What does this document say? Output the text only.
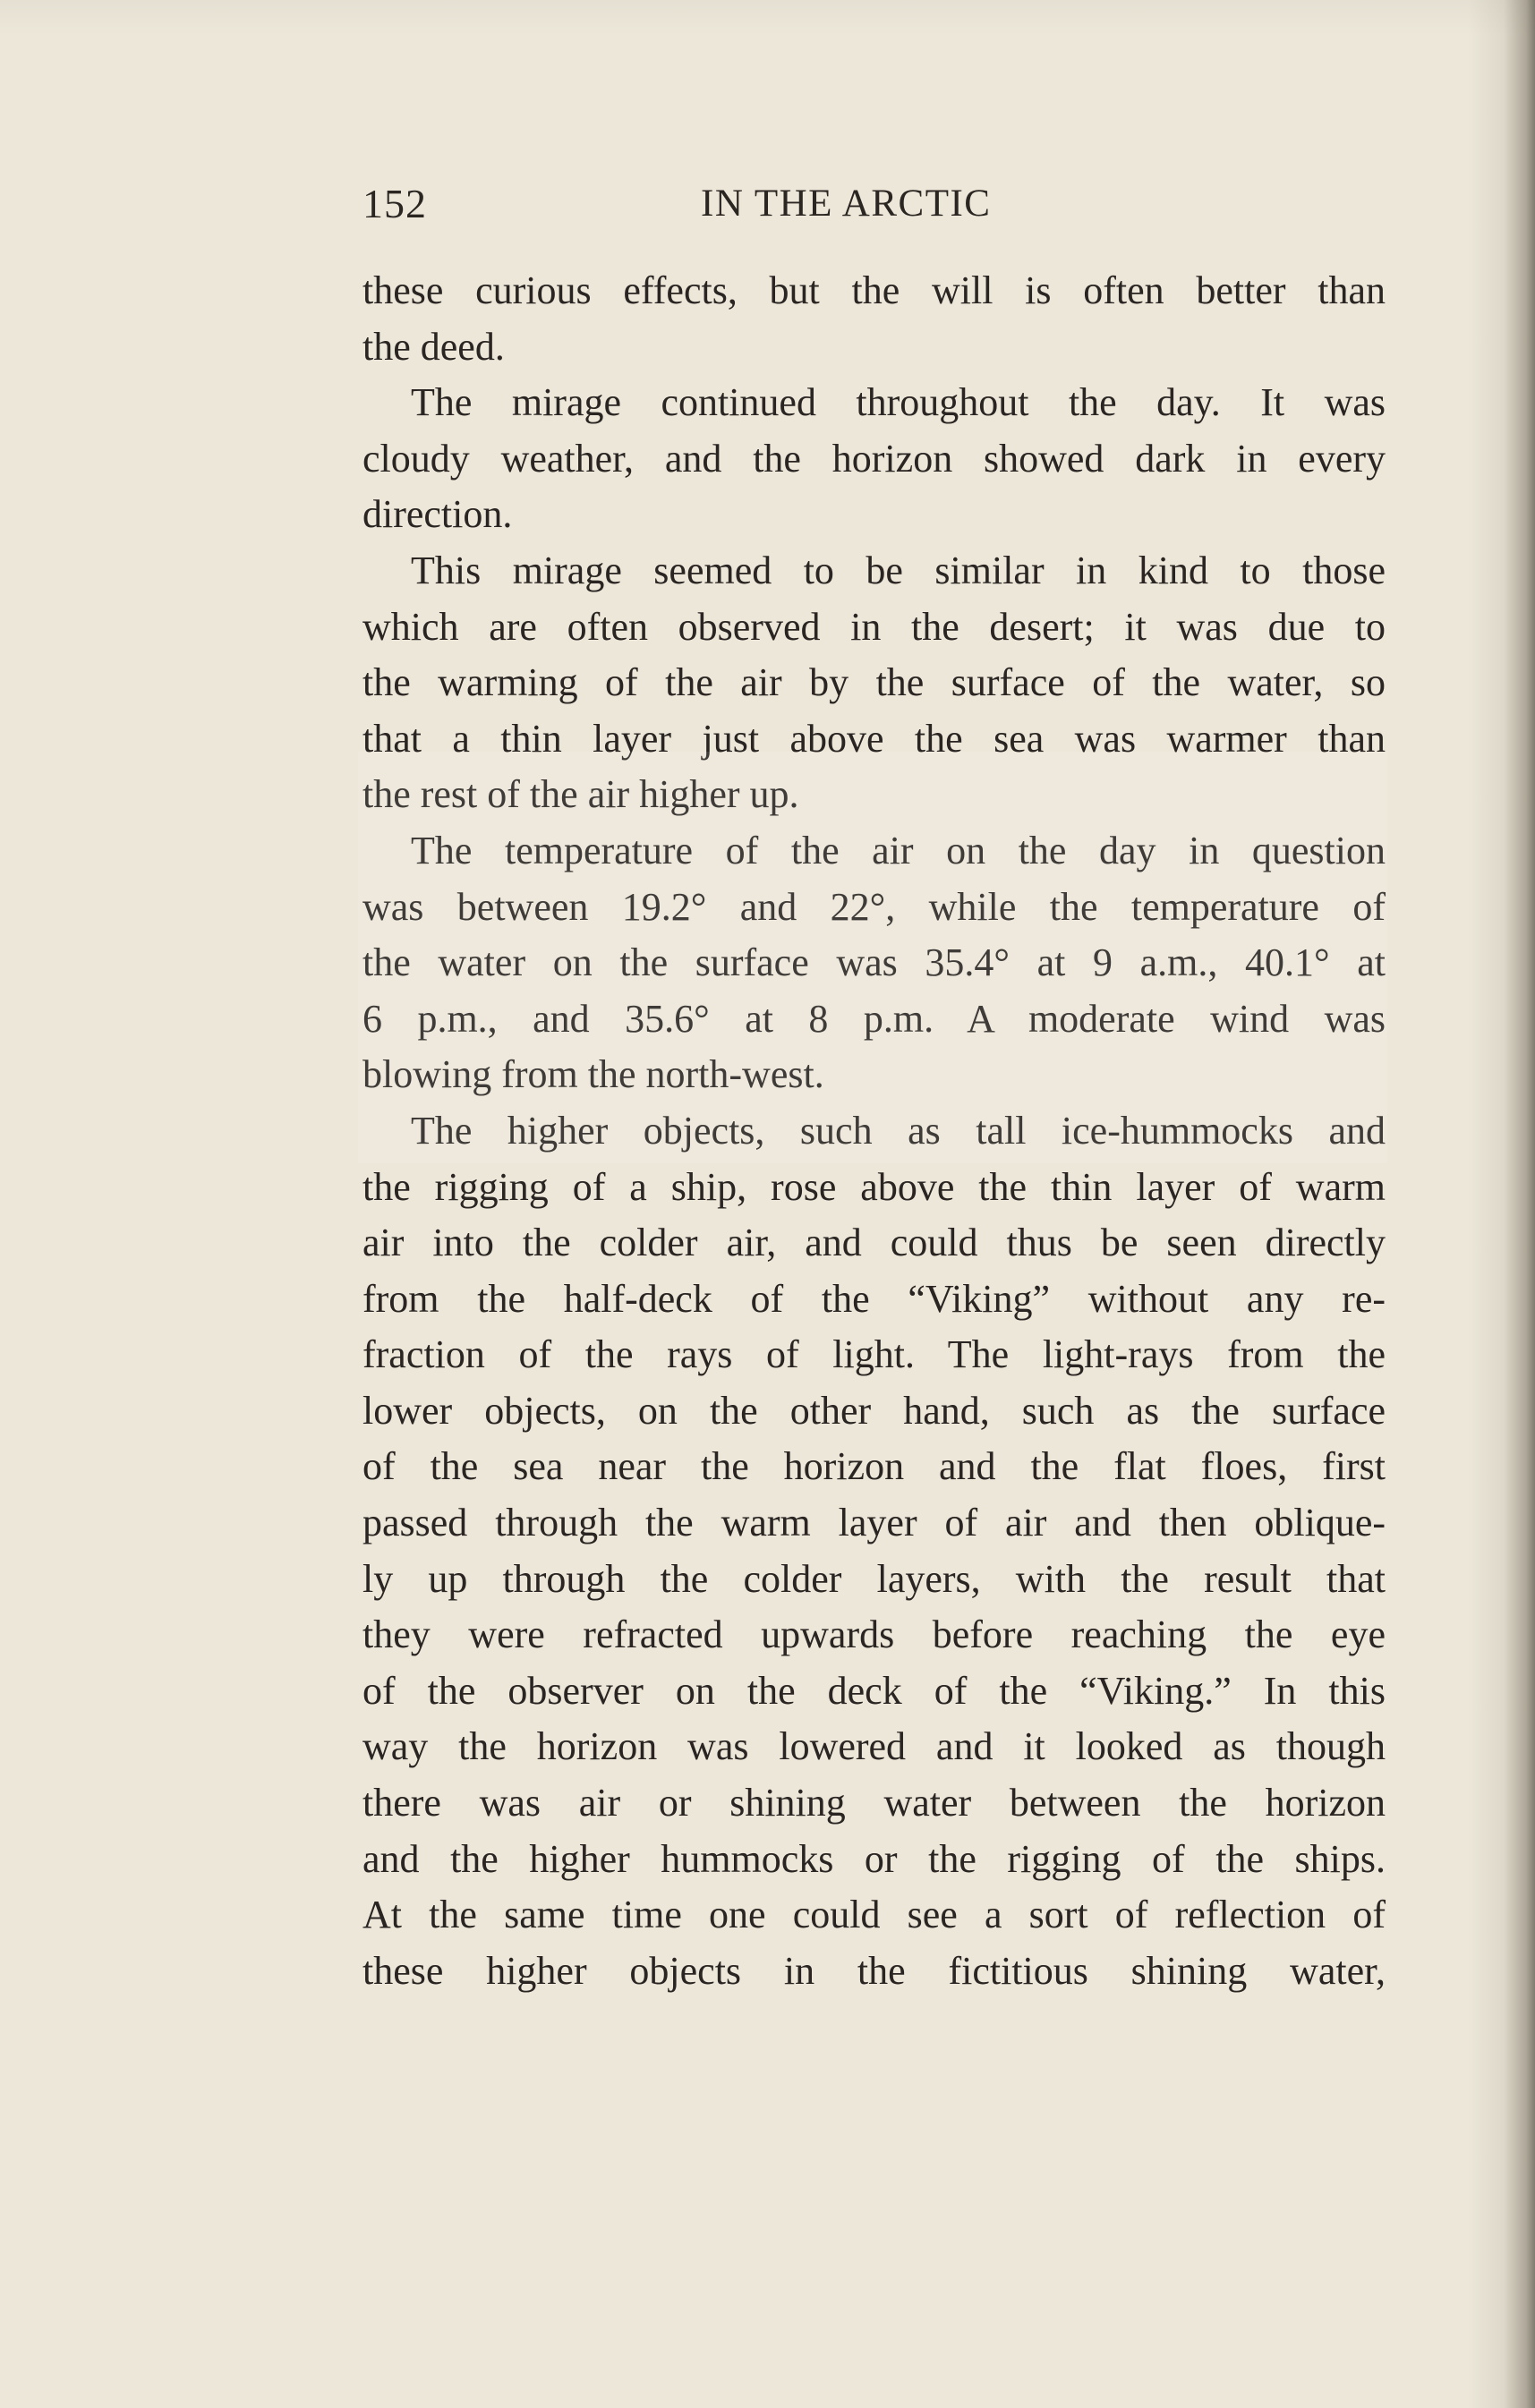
152	IN THE ARCTIC
these curious effects, but the will is often better than
the deed.
The mirage continued throughout the day. It was
cloudy weather, and the horizon showed dark in every
direction.
This mirage seemed to be similar in kind to those
which are often observed in the desert; it was due to
the warming of the air by the surface of the water, so
that a thin layer just above the sea was warmer than
the rest of the air higher up.
The temperature of the air on the day in question
was between 19.2° and 22°, while the temperature of
the water on the surface was 35.4° at 9 a.m., 40.1° at
6 p.m., and 35.6° at 8 p.m. A moderate wind was
blowing from the north-west.
The higher objects, such as tall ice-hummocks and
the rigging of a ship, rose above the thin layer of warm
air into the colder air, and could thus be seen directly
from the half-deck of the “Viking” without any re-
fraction of the rays of light. The light-rays from the
lower objects, on the other hand, such as the surface
of the sea near the horizon and the flat floes, first
passed through the warm layer of air and then oblique-
ly up through the colder layers, with the result that
they were refracted upwards before reaching the eye
of the observer on the deck of the “Viking.” In this
way the horizon was lowered and it looked as though
there was air or shining water between the horizon
and the higher hummocks or the rigging of the ships.
At the same time one could see a sort of reflection of
these higher objects in the fictitious shining water,
